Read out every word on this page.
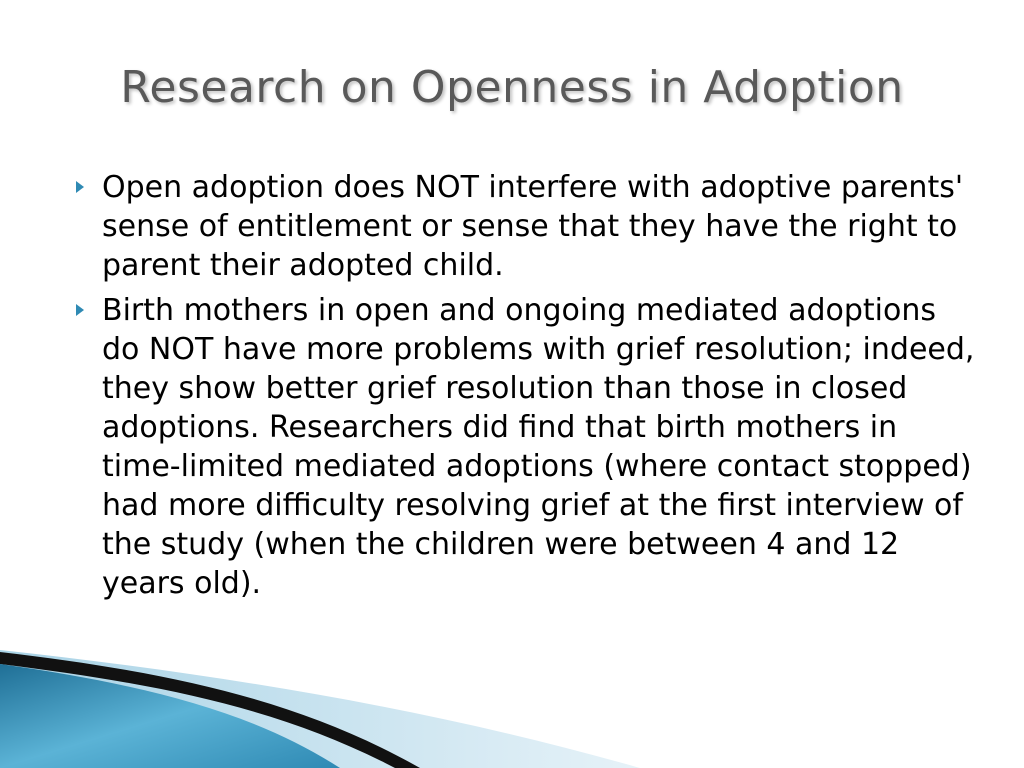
Research on Openness in Adoption
Open adoption does NOT interfere with adoptive parents' sense of entitlement or sense that they have the right to parent their adopted child.
Birth mothers in open and ongoing mediated adoptions do NOT have more problems with grief resolution; indeed, they show better grief resolution than those in closed adoptions. Researchers did find that birth mothers in time-limited mediated adoptions (where contact stopped) had more difficulty resolving grief at the first interview of the study (when the children were between 4 and 12 years old).
